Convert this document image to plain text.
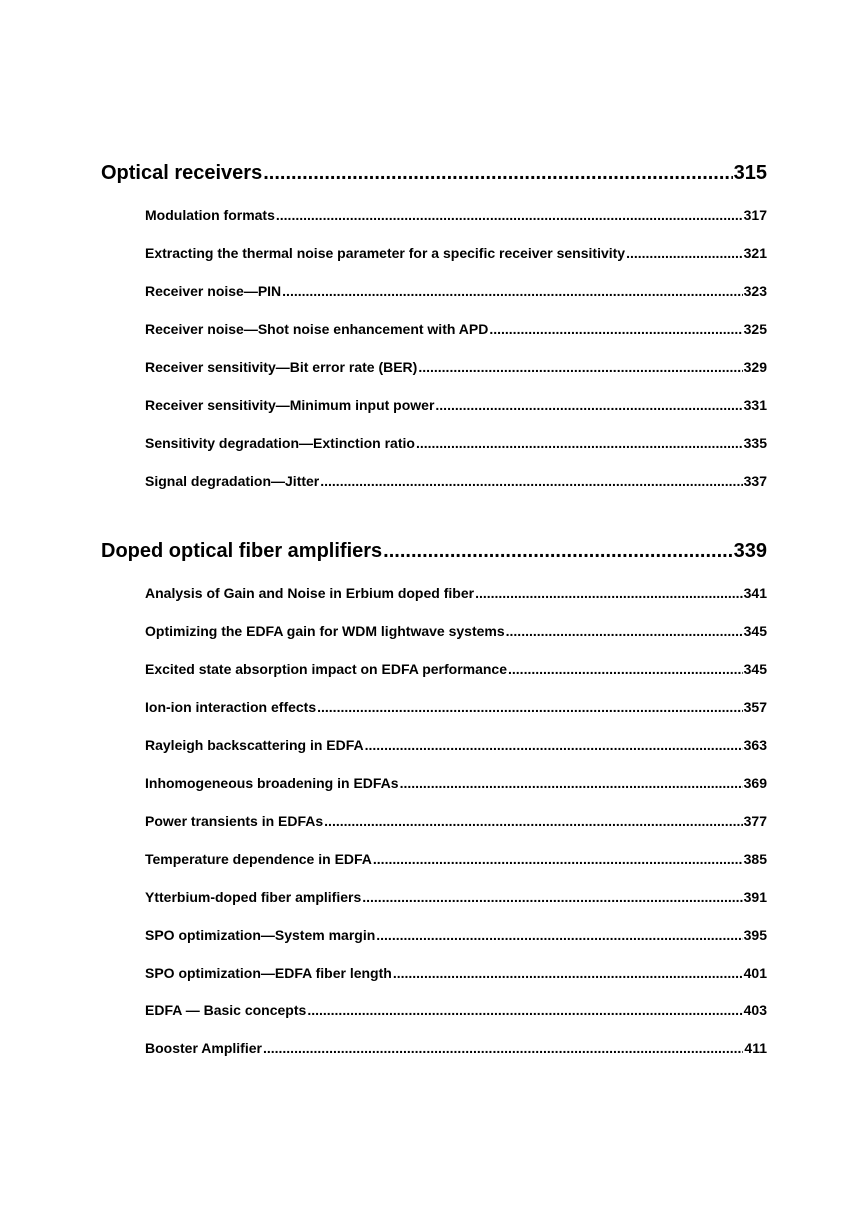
Optical receivers .....	315
Modulation formats .....	317
Extracting the thermal noise parameter for a specific receiver sensitivity .....	321
Receiver noise—PIN .....	323
Receiver noise—Shot noise enhancement with APD .....	325
Receiver sensitivity—Bit error rate (BER) .....	329
Receiver sensitivity—Minimum input power .....	331
Sensitivity degradation—Extinction ratio .....	335
Signal degradation—Jitter .....	337
Doped optical fiber amplifiers .....	339
Analysis of Gain and Noise in Erbium doped fiber .....	341
Optimizing the EDFA gain for WDM lightwave systems .....	345
Excited state absorption impact on EDFA performance .....	345
Ion-ion interaction effects .....	357
Rayleigh backscattering in EDFA .....	363
Inhomogeneous broadening in EDFAs .....	369
Power transients in EDFAs .....	377
Temperature dependence in EDFA .....	385
Ytterbium-doped fiber amplifiers .....	391
SPO optimization—System margin .....	395
SPO optimization—EDFA fiber length .....	401
EDFA — Basic concepts .....	403
Booster Amplifier .....	411
